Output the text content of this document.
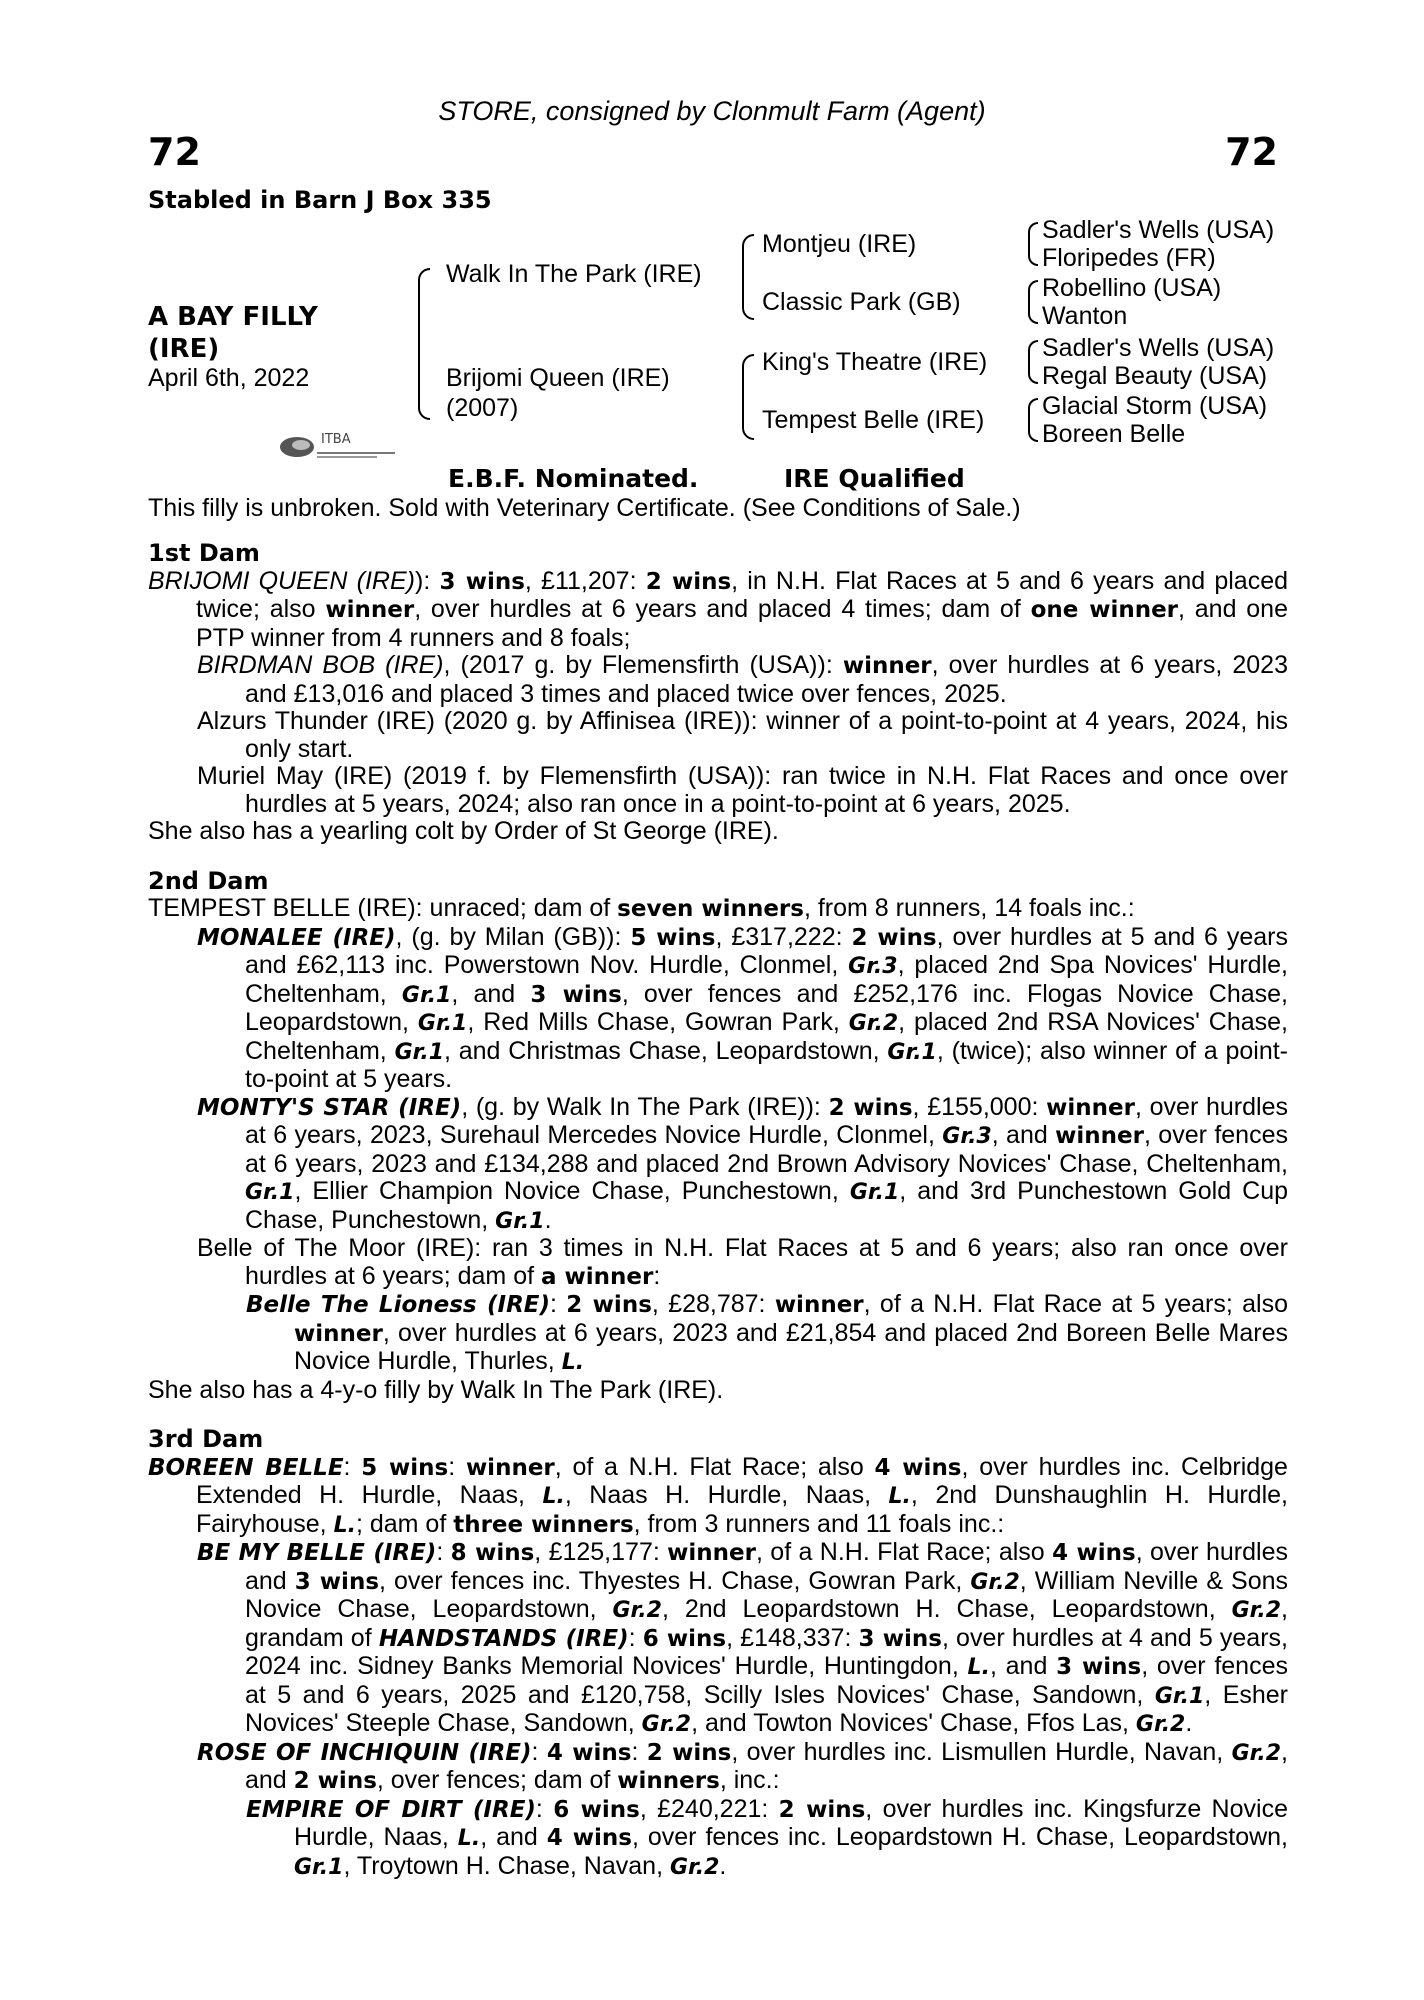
STORE, consigned by Clonmult Farm (Agent)
72	72
Stabled in Barn J Box 335
A BAY FILLY
(IRE)
April 6th, 2022
Walk In The Park (IRE)
Brijomi Queen (IRE)
(2007)
Montjeu (IRE)
Classic Park (GB)
King's Theatre (IRE)
Tempest Belle (IRE)
Sadler's Wells (USA)
Floripedes (FR)
Robellino (USA)
Wanton
Sadler's Wells (USA)
Regal Beauty (USA)
Glacial Storm (USA)
Boreen Belle
ITBA
E.B.F. Nominated.	IRE Qualified
This filly is unbroken. Sold with Veterinary Certificate. (See Conditions of Sale.)
1st Dam
BRIJOMI QUEEN (IRE)): 3 wins, £11,207: 2 wins, in N.H. Flat Races at 5 and 6 years and placed twice; also winner, over hurdles at 6 years and placed 4 times; dam of one winner, and one PTP winner from 4 runners and 8 foals;
BIRDMAN BOB (IRE), (2017 g. by Flemensfirth (USA)): winner, over hurdles at 6 years, 2023 and £13,016 and placed 3 times and placed twice over fences, 2025.
Alzurs Thunder (IRE) (2020 g. by Affinisea (IRE)): winner of a point-to-point at 4 years, 2024, his only start.
Muriel May (IRE) (2019 f. by Flemensfirth (USA)): ran twice in N.H. Flat Races and once over hurdles at 5 years, 2024; also ran once in a point-to-point at 6 years, 2025.
She also has a yearling colt by Order of St George (IRE).
2nd Dam
TEMPEST BELLE (IRE): unraced; dam of seven winners, from 8 runners, 14 foals inc.:
MONALEE (IRE), (g. by Milan (GB)): 5 wins, £317,222: 2 wins, over hurdles at 5 and 6 years and £62,113 inc. Powerstown Nov. Hurdle, Clonmel, Gr.3, placed 2nd Spa Novices' Hurdle, Cheltenham, Gr.1, and 3 wins, over fences and £252,176 inc. Flogas Novice Chase, Leopardstown, Gr.1, Red Mills Chase, Gowran Park, Gr.2, placed 2nd RSA Novices' Chase, Cheltenham, Gr.1, and Christmas Chase, Leopardstown, Gr.1, (twice); also winner of a point-to-point at 5 years.
MONTY'S STAR (IRE), (g. by Walk In The Park (IRE)): 2 wins, £155,000: winner, over hurdles at 6 years, 2023, Surehaul Mercedes Novice Hurdle, Clonmel, Gr.3, and winner, over fences at 6 years, 2023 and £134,288 and placed 2nd Brown Advisory Novices' Chase, Cheltenham, Gr.1, Ellier Champion Novice Chase, Punchestown, Gr.1, and 3rd Punchestown Gold Cup Chase, Punchestown, Gr.1.
Belle of The Moor (IRE): ran 3 times in N.H. Flat Races at 5 and 6 years; also ran once over hurdles at 6 years; dam of a winner:
Belle The Lioness (IRE): 2 wins, £28,787: winner, of a N.H. Flat Race at 5 years; also winner, over hurdles at 6 years, 2023 and £21,854 and placed 2nd Boreen Belle Mares Novice Hurdle, Thurles, L.
She also has a 4-y-o filly by Walk In The Park (IRE).
3rd Dam
BOREEN BELLE: 5 wins: winner, of a N.H. Flat Race; also 4 wins, over hurdles inc. Celbridge Extended H. Hurdle, Naas, L., Naas H. Hurdle, Naas, L., 2nd Dunshaughlin H. Hurdle, Fairyhouse, L.; dam of three winners, from 3 runners and 11 foals inc.:
BE MY BELLE (IRE): 8 wins, £125,177: winner, of a N.H. Flat Race; also 4 wins, over hurdles and 3 wins, over fences inc. Thyestes H. Chase, Gowran Park, Gr.2, William Neville & Sons Novice Chase, Leopardstown, Gr.2, 2nd Leopardstown H. Chase, Leopardstown, Gr.2, grandam of HANDSTANDS (IRE): 6 wins, £148,337: 3 wins, over hurdles at 4 and 5 years, 2024 inc. Sidney Banks Memorial Novices' Hurdle, Huntingdon, L., and 3 wins, over fences at 5 and 6 years, 2025 and £120,758, Scilly Isles Novices' Chase, Sandown, Gr.1, Esher Novices' Steeple Chase, Sandown, Gr.2, and Towton Novices' Chase, Ffos Las, Gr.2.
ROSE OF INCHIQUIN (IRE): 4 wins: 2 wins, over hurdles inc. Lismullen Hurdle, Navan, Gr.2, and 2 wins, over fences; dam of winners, inc.:
EMPIRE OF DIRT (IRE): 6 wins, £240,221: 2 wins, over hurdles inc. Kingsfurze Novice Hurdle, Naas, L., and 4 wins, over fences inc. Leopardstown H. Chase, Leopardstown, Gr.1, Troytown H. Chase, Navan, Gr.2.
